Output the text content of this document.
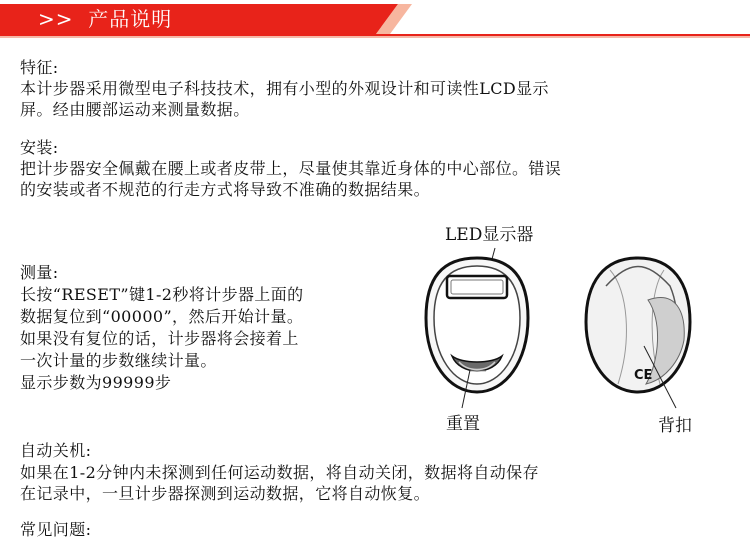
>>  产品说明
特征:
本计步器采用微型电子科技技术，拥有小型的外观设计和可读性LCD显示
屏。经由腰部运动来测量数据。
安装:
把计步器安全佩戴在腰上或者皮带上，尽量使其靠近身体的中心部位。错误
的安装或者不规范的行走方式将导致不准确的数据结果。
测量:
长按“RESET”键1-2秒将计步器上面的
数据复位到“00000”，然后开始计量。
如果没有复位的话，计步器将会接着上
一次计量的步数继续计量。
显示步数为99999步
LED显示器
重置	背扣
CE
自动关机:
如果在1-2分钟内未探测到任何运动数据，将自动关闭，数据将自动保存
在记录中，一旦计步器探测到运动数据，它将自动恢复。
常见问题:
